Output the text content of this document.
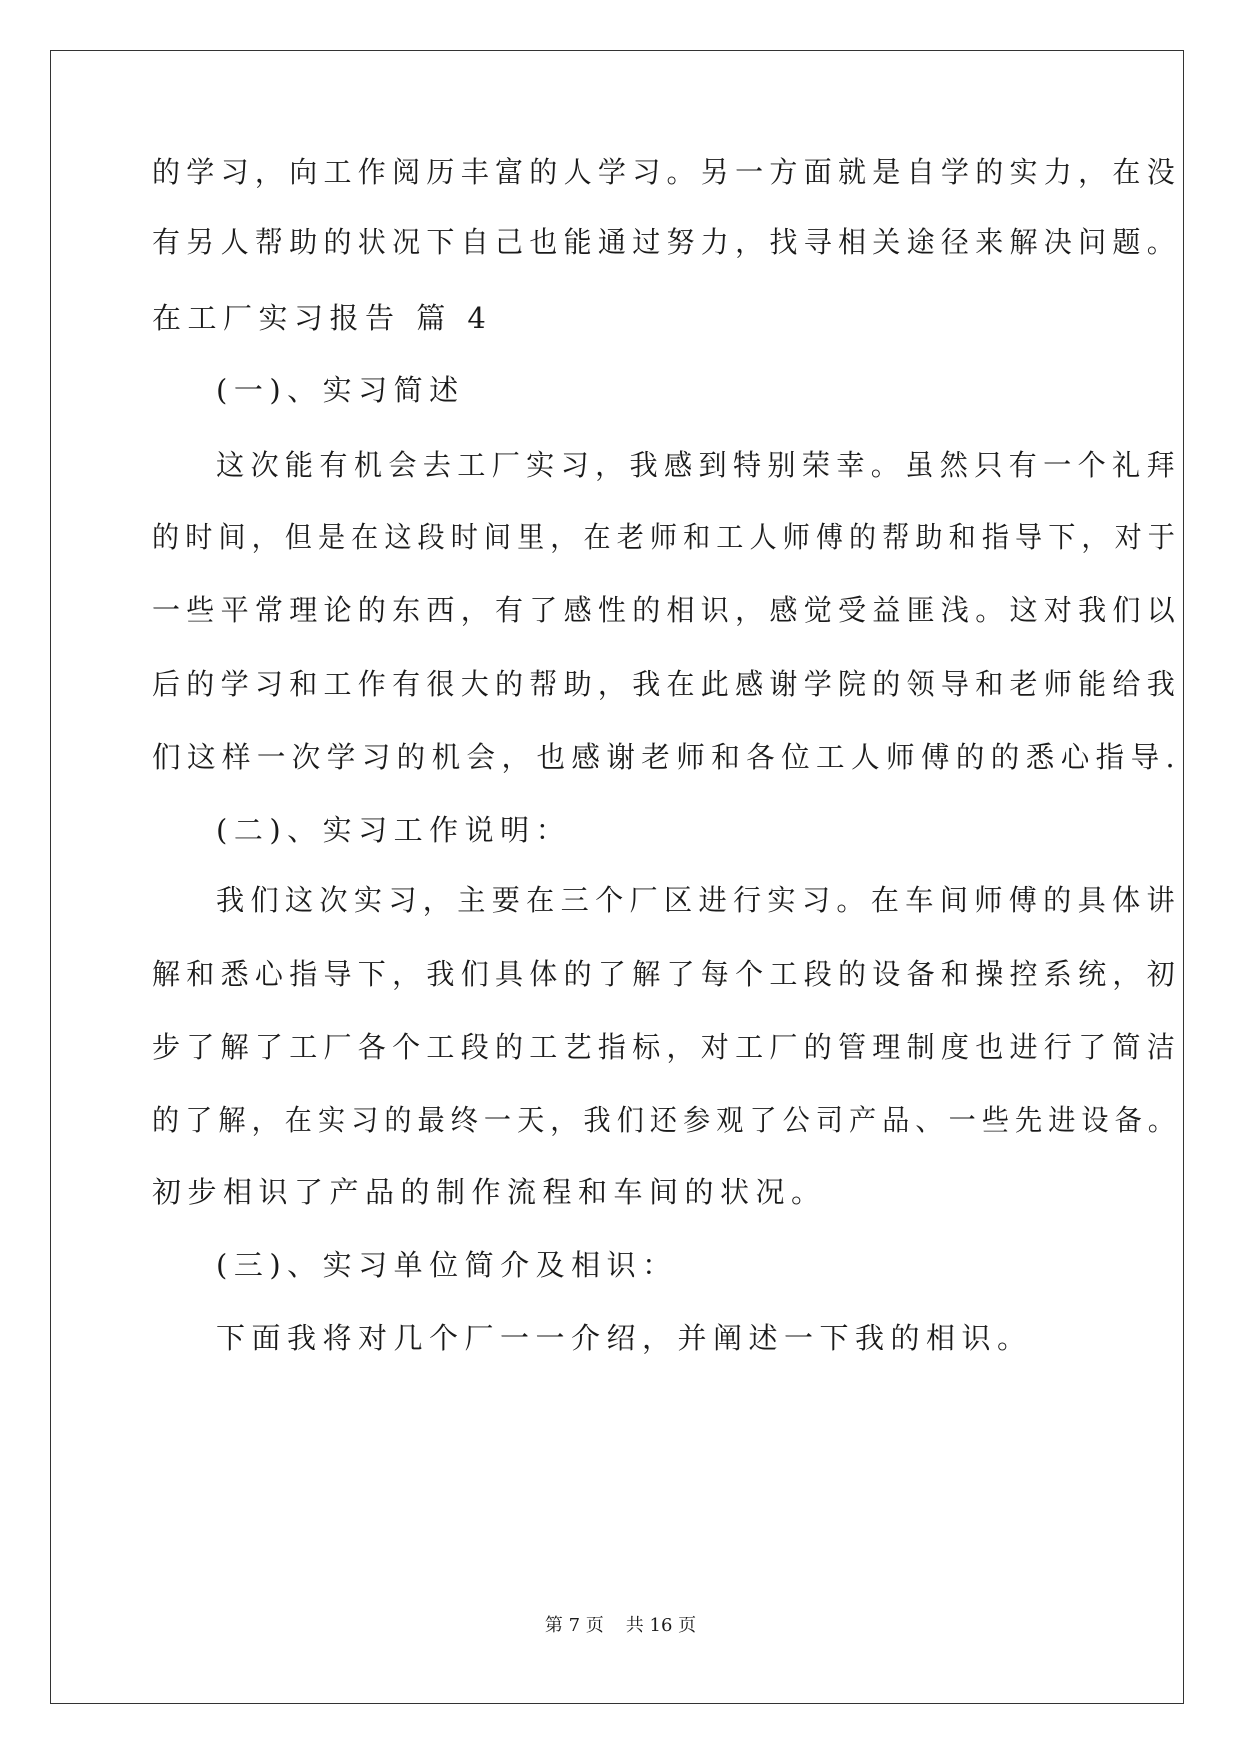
的学习，向工作阅历丰富的人学习。另一方面就是自学的实力，在没
有另人帮助的状况下自己也能通过努力，找寻相关途径来解决问题。
在工厂实习报告 篇 4
(一)、实习简述
这次能有机会去工厂实习，我感到特别荣幸。虽然只有一个礼拜
的时间，但是在这段时间里，在老师和工人师傅的帮助和指导下，对于
一些平常理论的东西，有了感性的相识，感觉受益匪浅。这对我们以
后的学习和工作有很大的帮助，我在此感谢学院的领导和老师能给我
们这样一次学习的机会，也感谢老师和各位工人师傅的的悉心指导.
(二)、实习工作说明：
我们这次实习，主要在三个厂区进行实习。在车间师傅的具体讲
解和悉心指导下，我们具体的了解了每个工段的设备和操控系统，初
步了解了工厂各个工段的工艺指标，对工厂的管理制度也进行了简洁
的了解，在实习的最终一天，我们还参观了公司产品、一些先进设备。
初步相识了产品的制作流程和车间的状况。
(三)、实习单位简介及相识：
下面我将对几个厂一一介绍，并阐述一下我的相识。
第 7 页 共 16 页
